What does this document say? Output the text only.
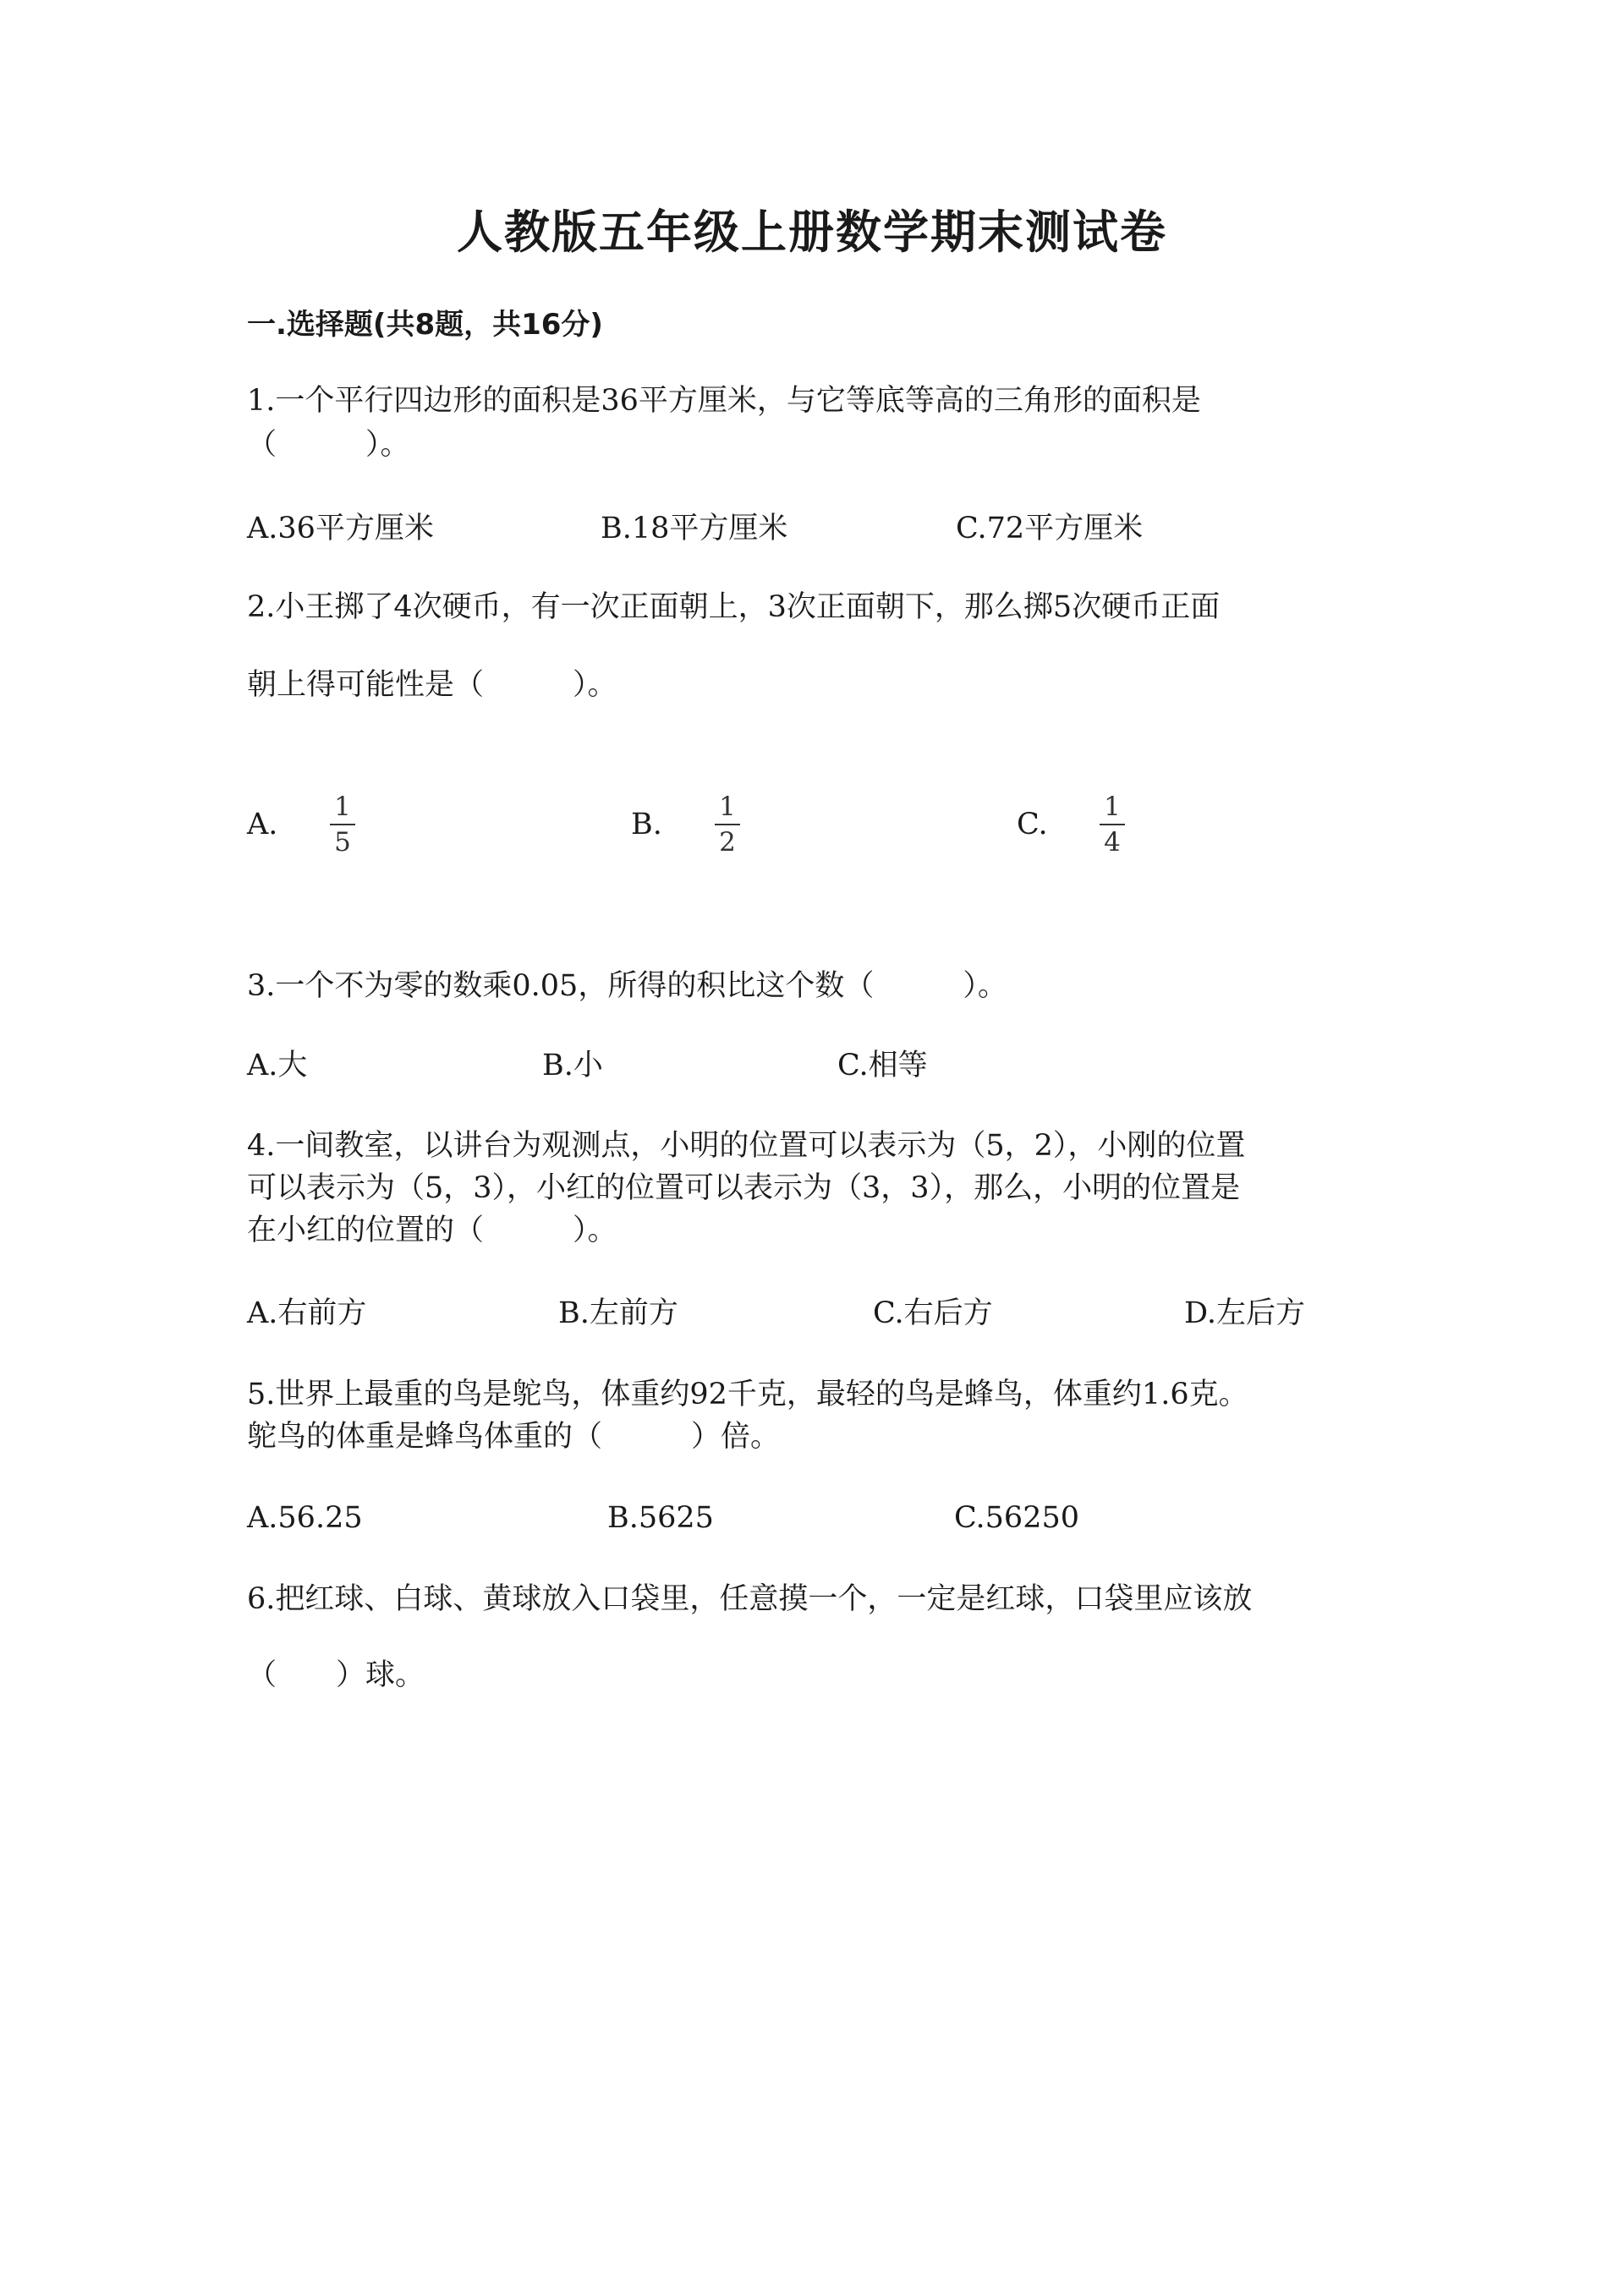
人教版五年级上册数学期末测试卷
一.选择题(共8题，共16分)
1.一个平行四边形的面积是36平方厘米，与它等底等高的三角形的面积是
（　　　）。
A.36平方厘米	B.18平方厘米	C.72平方厘米
2.小王掷了4次硬币，有一次正面朝上，3次正面朝下，那么掷5次硬币正面
朝上得可能性是（　　　）。
A.
1
5
B.
1
2
C.
1
4
3.一个不为零的数乘0.05，所得的积比这个数（　　　）。
A.大	B.小	C.相等
4.一间教室，以讲台为观测点，小明的位置可以表示为（5，2），小刚的位置
可以表示为（5，3），小红的位置可以表示为（3，3），那么，小明的位置是
在小红的位置的（　　　）。
A.右前方	B.左前方	C.右后方	D.左后方
5.世界上最重的鸟是鸵鸟，体重约92千克，最轻的鸟是蜂鸟，体重约1.6克。
鸵鸟的体重是蜂鸟体重的（　　　）倍。
A.56.25	B.5625	C.56250
6.把红球、白球、黄球放入口袋里，任意摸一个，一定是红球，口袋里应该放
（　　）球。
